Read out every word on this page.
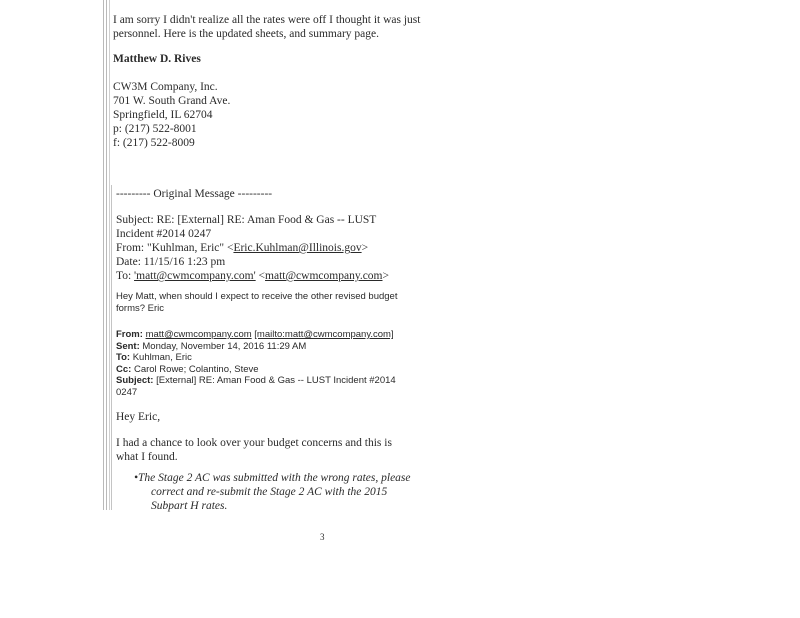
I am sorry I didn't realize all the rates were off I thought it was just

personnel. Here is the updated sheets, and summary page.

Matthew D. Rives

CW3M Company, Inc.

701 W. South Grand Ave.

Springfield, IL 62704

p: (217) 522-8001

f: (217) 522-8009

--------- Original Message ---------

Subject: RE: [External] RE: Aman Food & Gas -- LUST

Incident #2014 0247

From: "Kuhlman, Eric" <Eric.Kuhlman@Illinois.gov>

Date: 11/15/16 1:23 pm

To: 'matt@cwmcompany.com' <matt@cwmcompany.com>

Hey Matt, when should I expect to receive the other revised budget

forms? Eric

From: matt@cwmcompany.com [mailto:matt@cwmcompany.com]

Sent: Monday, November 14, 2016 11:29 AM

To: Kuhlman, Eric

Cc: Carol Rowe; Colantino, Steve

Subject: [External] RE: Aman Food & Gas -- LUST Incident #2014

0247

Hey Eric,

I had a chance to look over your budget concerns and this is

what I found.

•The Stage 2 AC was submitted with the wrong rates, please

correct and re-submit the Stage 2 AC with the 2015

Subpart H rates.

3
